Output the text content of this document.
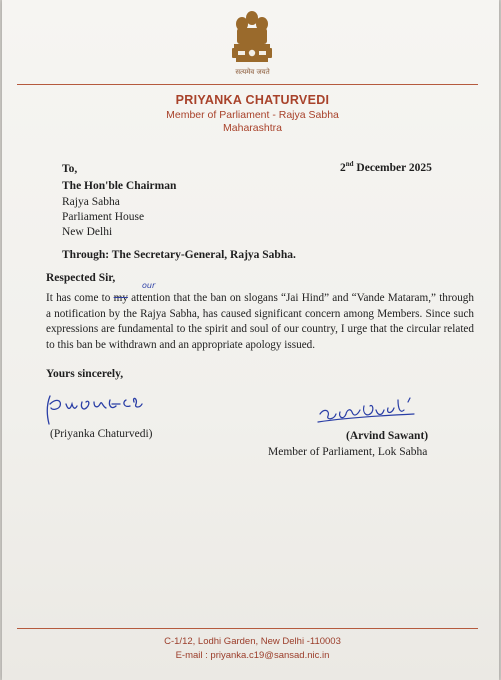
सत्यमेव जयते
PRIYANKA CHATURVEDI
Member of Parliament - Rajya Sabha
Maharashtra
2nd December 2025
To,
The Hon'ble Chairman
Rajya Sabha
Parliament House
New Delhi
Through: The Secretary-General, Rajya Sabha.
Respected Sir,
our
It has come to my attention that the ban on slogans “Jai Hind” and “Vande Mataram,” through a notification by the Rajya Sabha, has caused significant concern among Members. Since such expressions are fundamental to the spirit and soul of our country, I urge that the circular related to this ban be withdrawn and an appropriate apology issued.
Yours sincerely,
(Priyanka Chaturvedi)	(Arvind Sawant)
Member of Parliament, Lok Sabha
C-1/12, Lodhi Garden, New Delhi -110003
E-mail : priyanka.c19@sansad.nic.in
